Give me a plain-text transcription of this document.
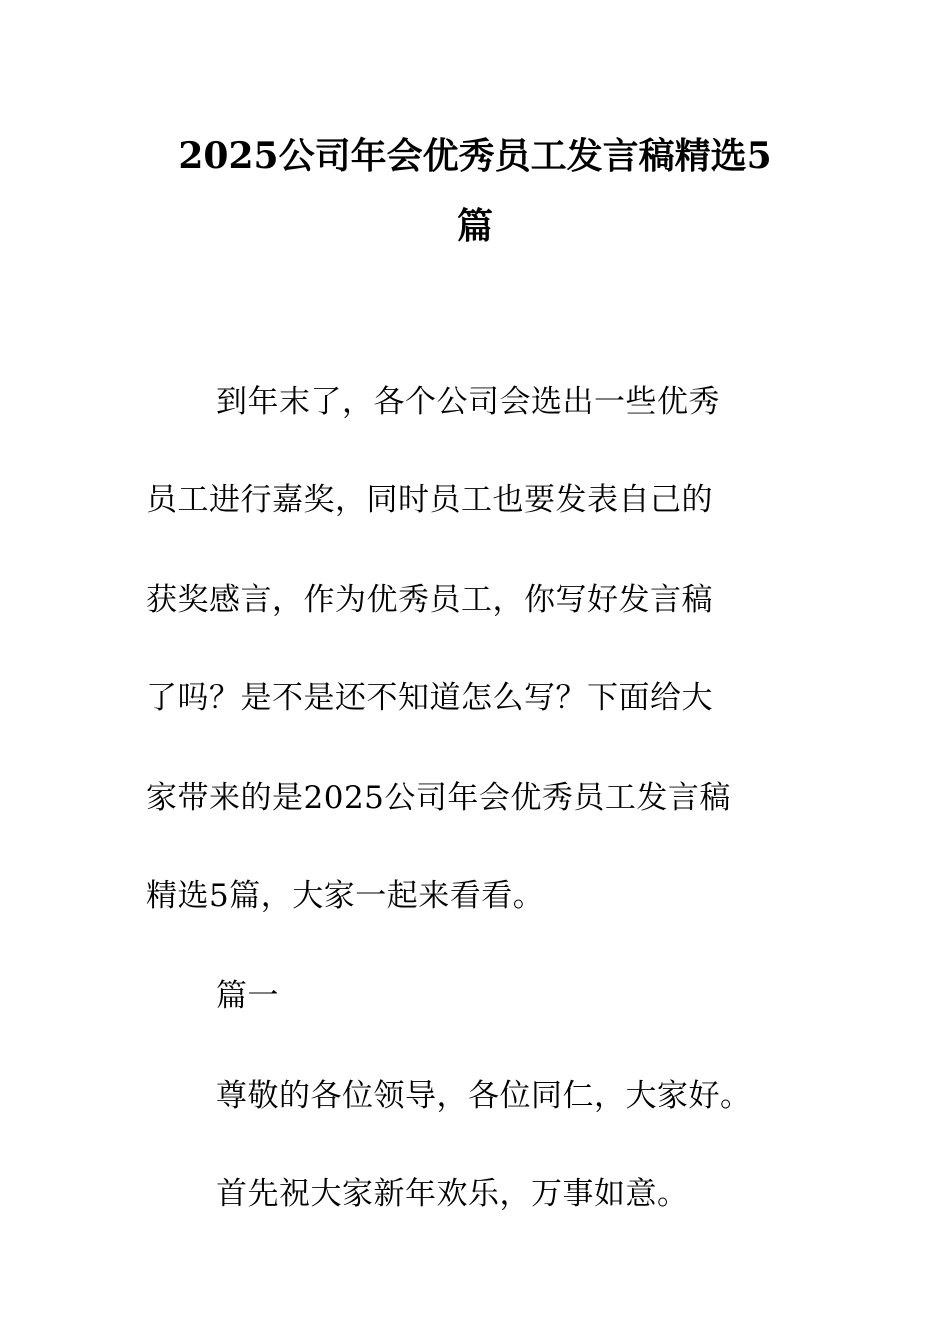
2025公司年会优秀员工发言稿精选5
篇
到年末了，各个公司会选出一些优秀
员工进行嘉奖，同时员工也要发表自己的
获奖感言，作为优秀员工，你写好发言稿
了吗？是不是还不知道怎么写？下面给大
家带来的是2025公司年会优秀员工发言稿
精选5篇，大家一起来看看。
篇一
尊敬的各位领导，各位同仁，大家好。
首先祝大家新年欢乐，万事如意。
